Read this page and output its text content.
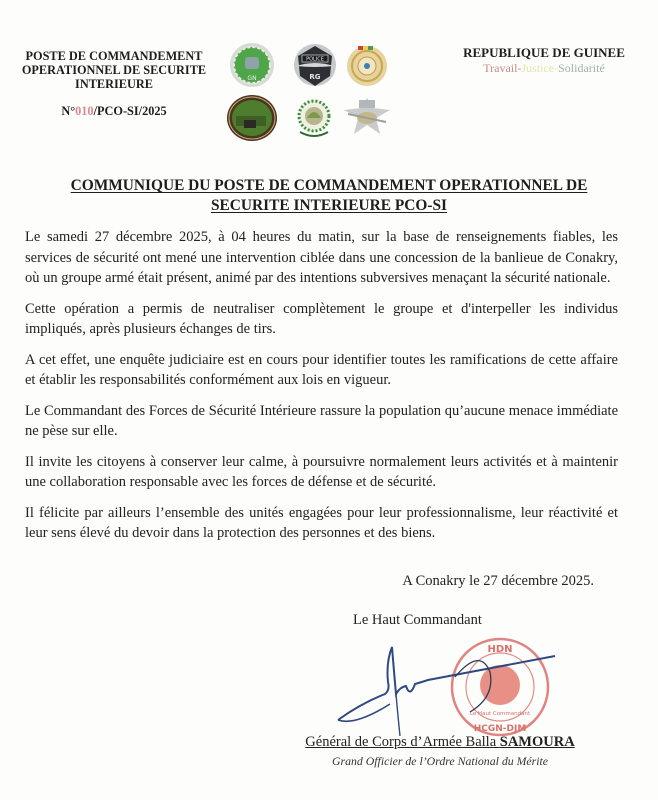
POSTE DE COMMANDEMENT
OPERATIONNEL DE SECURITE
INTERIEURE
N°010/PCO-SI/2025
GN
POLICE
RG
REPUBLIQUE DE GUINEE
Travail-Justice-Solidarité
COMMUNIQUE DU POSTE DE COMMANDEMENT OPERATIONNEL DE
SECURITE INTERIEURE PCO-SI

Le samedi 27 décembre 2025, à 04 heures du matin, sur la base de renseignements fiables, les services de sécurité ont mené une intervention ciblée dans une concession de la banlieue de Conakry, où un groupe armé était présent, animé par des intentions subversives menaçant la sécurité nationale.

Cette opération a permis de neutraliser complètement le groupe et d'interpeller les individus impliqués, après plusieurs échanges de tirs.

A cet effet, une enquête judiciaire est en cours pour identifier toutes les ramifications de cette affaire et établir les responsabilités conformément aux lois en vigueur.

Le Commandant des Forces de Sécurité Intérieure rassure la population qu’aucune menace immédiate ne pèse sur elle.

Il invite les citoyens à conserver leur calme, à poursuivre normalement leurs activités et à maintenir une collaboration responsable avec les forces de défense et de sécurité.

Il félicite par ailleurs l’ensemble des unités engagées pour leur professionnalisme, leur réactivité et leur sens élevé du devoir dans la protection des personnes et des biens.

A Conakry le 27 décembre 2025.
Le Haut Commandant
HDN
HCGN-DJM
Le Haut Commandant
Général de Corps d’Armée Balla SAMOURA
Grand Officier de l’Ordre National du Mérite
